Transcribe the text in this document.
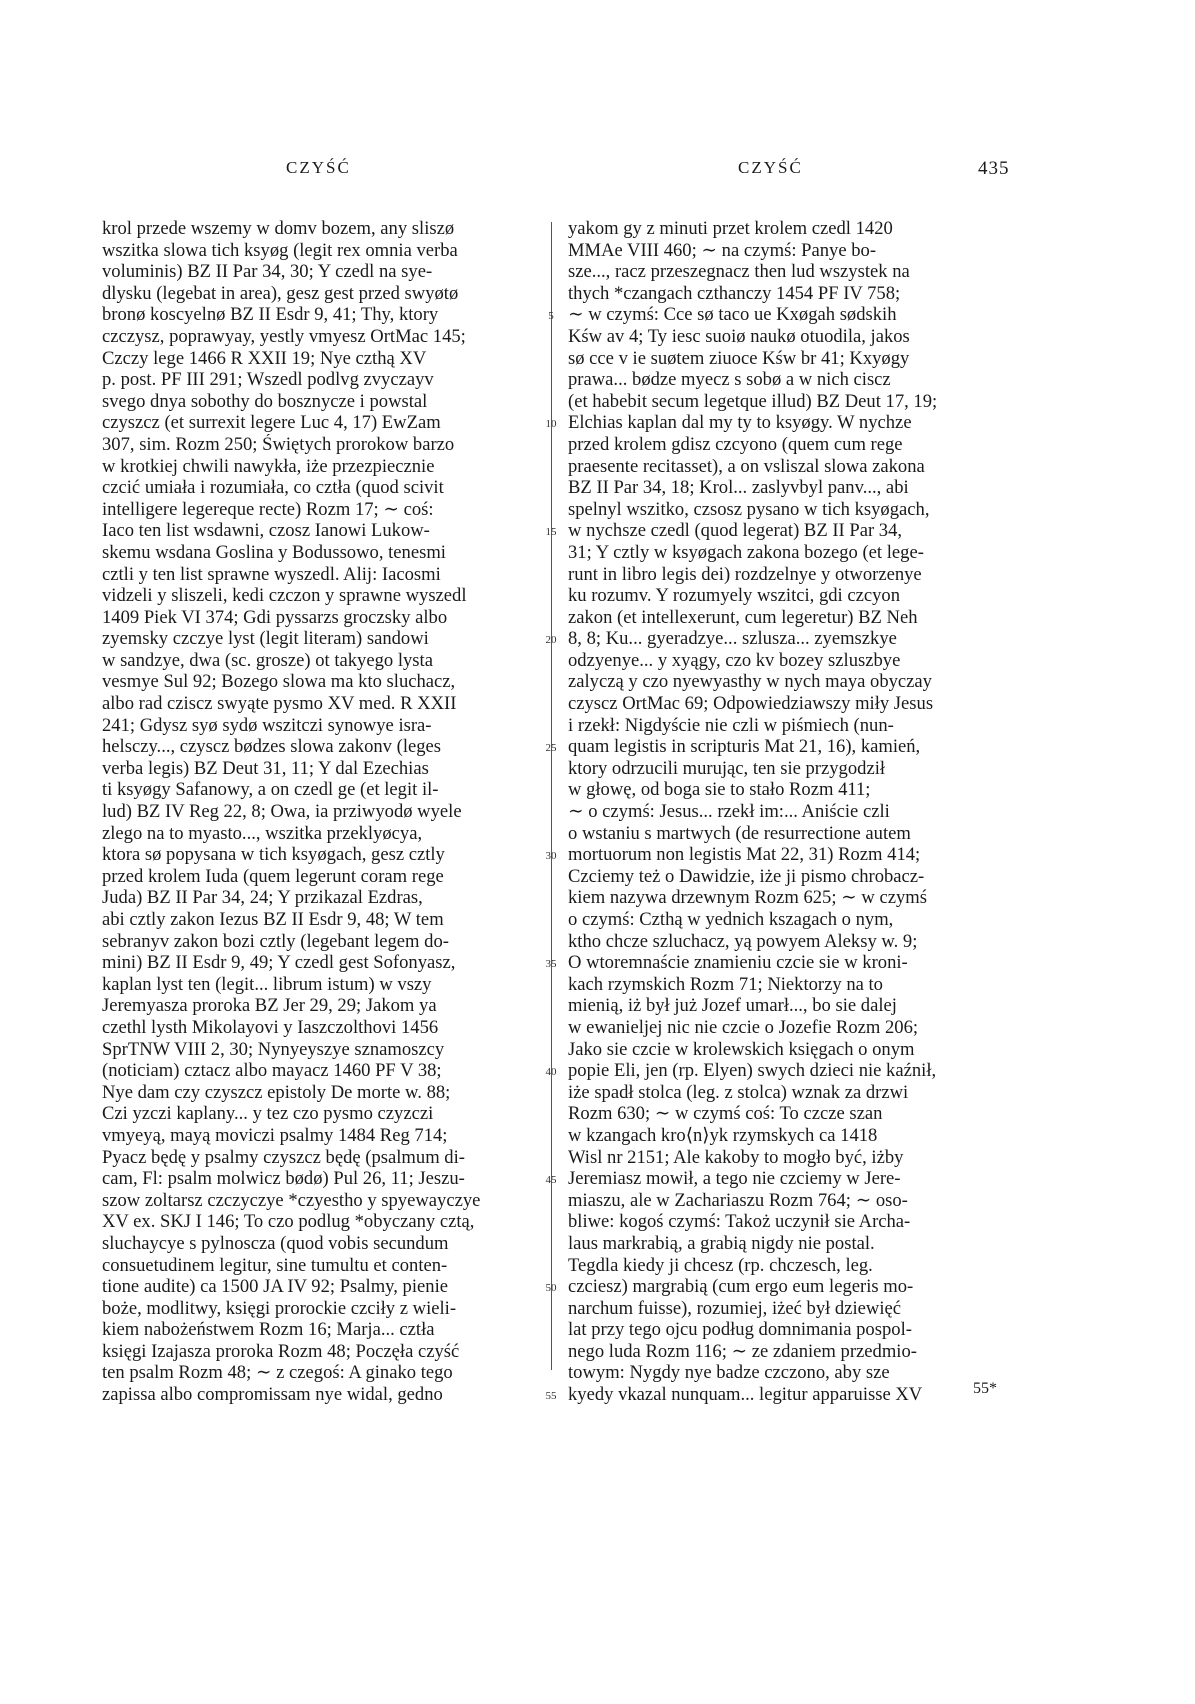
CZYŚĆ	CZYŚĆ	435
krol przede wszemy w domv bozem, any sliszø
wszitka slowa tich ksyøg (legit rex omnia verba
voluminis) BZ II Par 34, 30; Y czedl na sye-
dlysku (legebat in area), gesz gest przed swyøtø
bronø koscyelnø BZ II Esdr 9, 41; Thy, ktory
czczysz, poprawyay, yestly vmyesz OrtMac 145;
Czczy lege 1466 R XXII 19; Nye czthą XV
p. post. PF III 291; Wszedl podlvg zvyczayv
svego dnya sobothy do bosznycze i powstal
czyszcz (et surrexit legere Luc 4, 17) EwZam
307, sim. Rozm 250; Świętych prorokow barzo
w krotkiej chwili nawykła, iże przezpiecznie
czcić umiała i rozumiała, co cztła (quod scivit
intelligere legereque recte) Rozm 17; ∼ coś:
Iaco ten list wsdawni, czosz Ianowi Lukow-
skemu wsdana Goslina y Bodussowo, tenesmi
cztli y ten list sprawne wyszedl. Alij: Iacosmi
vidzeli y sliszeli, kedi czczon y sprawne wyszedl
1409 Piek VI 374; Gdi pyssarzs groczsky albo
zyemsky czczye lyst (legit literam) sandowi
w sandzye, dwa (sc. grosze) ot takyego lysta
vesmye Sul 92; Bozego slowa ma kto sluchacz,
albo rad cziscz swyąte pysmo XV med. R XXII
241; Gdysz syø sydø wszitczi synowye isra-
helsczy..., czyscz bødzes slowa zakonv (leges
verba legis) BZ Deut 31, 11; Y dal Ezechias
ti ksyøgy Safanowy, a on czedl ge (et legit il-
lud) BZ IV Reg 22, 8; Owa, ia prziwyodø wyele
zlego na to myasto..., wszitka przeklyøcya,
ktora sø popysana w tich ksyøgach, gesz cztly
przed krolem Iuda (quem legerunt coram rege
Juda) BZ II Par 34, 24; Y przikazal Ezdras,
abi cztly zakon Iezus BZ II Esdr 9, 48; W tem
sebranyv zakon bozi cztly (legebant legem do-
mini) BZ II Esdr 9, 49; Y czedl gest Sofonyasz,
kaplan lyst ten (legit... librum istum) w vszy
Jeremyasza proroka BZ Jer 29, 29; Jakom ya
czethl lysth Mikolayovi y Iaszczolthovi 1456
SprTNW VIII 2, 30; Nynyeyszye sznamoszcy
(noticiam) cztacz albo mayacz 1460 PF V 38;
Nye dam czy czyszcz epistoly De morte w. 88;
Czi yzczi kaplany... y tez czo pysmo czyzczi
vmyeyą, mayą moviczi psalmy 1484 Reg 714;
Pyacz będę y psalmy czyszcz będę (psalmum di-
cam, Fl: psalm molwicz bødø) Pul 26, 11; Jeszu-
szow zoltarsz czczyczye *czyestho y spyewayczye
XV ex. SKJ I 146; To czo podlug *obyczany cztą,
sluchaycye s pylnoscza (quod vobis secundum
consuetudinem legitur, sine tumultu et conten-
tione audite) ca 1500 JA IV 92; Psalmy, pienie
boże, modlitwy, księgi prorockie czciły z wieli-
kiem nabożeństwem Rozm 16; Marja... cztła
księgi Izajasza proroka Rozm 48; Poczęła czyść
ten psalm Rozm 48; ∼ z czegoś: A ginako tego
zapissa albo compromissam nye widal, gedno
5
10
15
20
25
30
35
40
45
50
55
yakom gy z minuti przet krolem czedl 1420
MMAe VIII 460; ∼ na czymś: Panye bo-
sze..., racz przeszegnacz then lud wszystek na
thych *czangach czthanczy 1454 PF IV 758;
∼ w czymś: Cce sø taco ue Kxøgah sødskih
Kśw av 4; Ty iesc suoiø naukø otuodila, jakos
sø cce v ie suøtem ziuoce Kśw br 41; Kxyøgy
prawa... bødze myecz s sobø a w nich ciscz
(et habebit secum legetque illud) BZ Deut 17, 19;
Elchias kaplan dal my ty to ksyøgy. W nychze
przed krolem gdisz czcyono (quem cum rege
praesente recitasset), a on vsliszal slowa zakona
BZ II Par 34, 18; Krol... zaslyvbyl panv..., abi
spelnyl wszitko, czsosz pysano w tich ksyøgach,
w nychsze czedl (quod legerat) BZ II Par 34,
31; Y cztly w ksyøgach zakona bozego (et lege-
runt in libro legis dei) rozdzelnye y otworzenye
ku rozumv. Y rozumyely wszitci, gdi czcyon
zakon (et intellexerunt, cum legeretur) BZ Neh
8, 8; Ku... gyeradzye... szlusza... zyemszkye
odzyenye... y xyągy, czo kv bozey szluszbye
zalyczą y czo nyewyasthy w nych maya obyczay
czyscz OrtMac 69; Odpowiedziawszy miły Jesus
i rzekł: Nigdyście nie czli w piśmiech (nun-
quam legistis in scripturis Mat 21, 16), kamień,
ktory odrzucili murując, ten sie przygodził
w głowę, od boga sie to stało Rozm 411;
∼ o czymś: Jesus... rzekł im:... Aniście czli
o wstaniu s martwych (de resurrectione autem
mortuorum non legistis Mat 22, 31) Rozm 414;
Czciemy też o Dawidzie, iże ji pismo chrobacz-
kiem nazywa drzewnym Rozm 625; ∼ w czymś
o czymś: Czthą w yednich kszagach o nym,
ktho chcze szluchacz, yą powyem Aleksy w. 9;
O wtoremnaście znamieniu czcie sie w kroni-
kach rzymskich Rozm 71; Niektorzy na to
mienią, iż był już Jozef umarł..., bo sie dalej
w ewanieljej nic nie czcie o Jozefie Rozm 206;
Jako sie czcie w krolewskich księgach o onym
popie Eli, jen (rp. Elyen) swych dzieci nie kaźnił,
iże spadł stolca (leg. z stolca) wznak za drzwi
Rozm 630; ∼ w czymś coś: To czcze szan
w kzangach kro⟨n⟩yk rzymskych ca 1418
Wisl nr 2151; Ale kakoby to mogło być, iżby
Jeremiasz mowił, a tego nie czciemy w Jere-
miaszu, ale w Zachariaszu Rozm 764; ∼ oso-
bliwe: kogoś czymś: Takoż uczynił sie Archa-
laus markrabią, a grabią nigdy nie postal.
Tegdla kiedy ji chcesz (rp. chczesch, leg.
czciesz) margrabią (cum ergo eum legeris mo-
narchum fuisse), rozumiej, iżeć był dziewięć
lat przy tego ojcu podług domnimania pospol-
nego luda Rozm 116; ∼ ze zdaniem przedmio-
towym: Nygdy nye badze czczono, aby sze
kyedy vkazal nunquam... legitur apparuisse XV	55*
